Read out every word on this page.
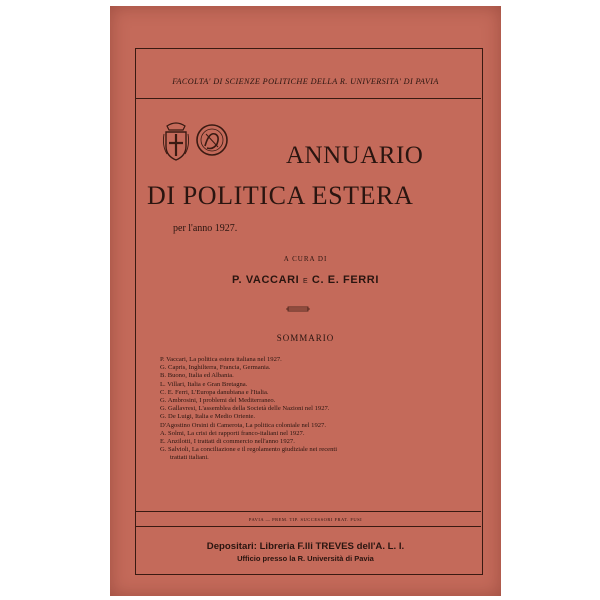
FACOLTA' DI SCIENZE POLITICHE DELLA R. UNIVERSITA' DI PAVIA
ANNUARIO
DI POLITICA ESTERA
per l'anno 1927.
A CURA DI
P. VACCARI E C. E. FERRI
SOMMARIO
P. Vaccari, La politica estera italiana nel 1927.
G. Capris, Inghilterra, Francia, Germania.
B. Buono, Italia ed Albania.
L. Villari, Italia e Gran Bretagna.
C. E. Ferri, L'Europa danubiana e l'Italia.
G. Ambrosini, I problemi del Mediterraneo.
G. Gallavresi, L'assemblea della Società delle Nazioni nel 1927.
G. De Luigi, Italia e Medio Oriente.
D'Agostino Orsini di Camerota, La politica coloniale nel 1927.
A. Solmi, La crisi dei rapporti franco-italiani nel 1927.
E. Anzilotti, I trattati di commercio nell'anno 1927.
G. Salvioli, La conciliazione e il regolamento giudiziale nei recenti
trattati italiani.
PAVIA — PREM. TIP. SUCCESSORI FRAT. FUSI
Depositari: Libreria F.lli TREVES dell'A. L. I.
Ufficio presso la R. Università di Pavia
